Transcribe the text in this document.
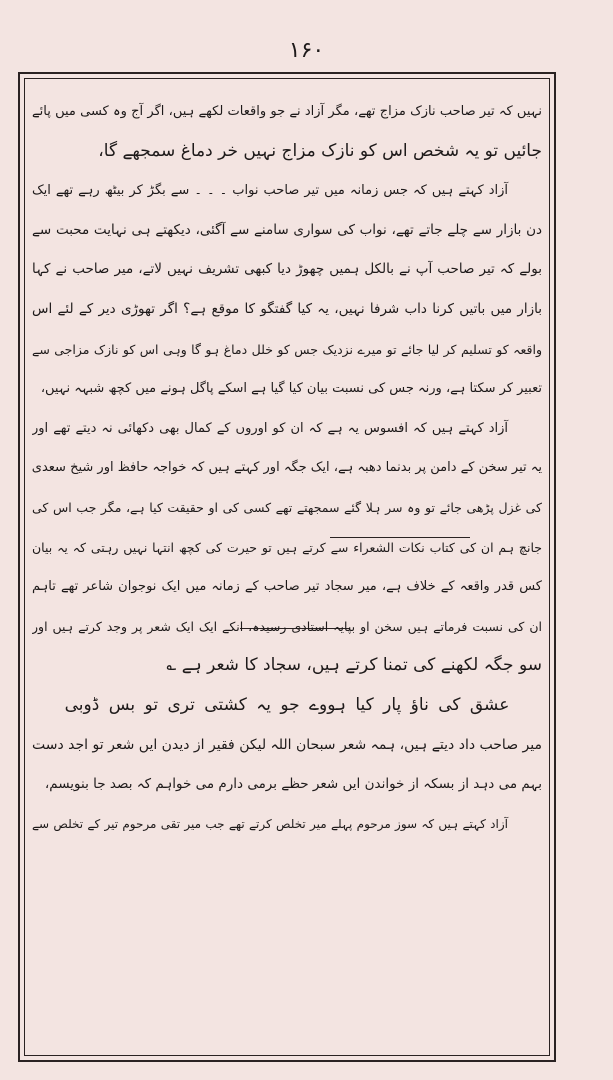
۱۶۰
نہیں کہ تیر صاحب نازک مزاج تھے، مگر آزاد نے جو واقعات لکھے ہیں، اگر آج وہ کسی میں پائے
جائیں تو یہ شخص اس کو نازک مزاج نہیں خر دماغ سمجھے گا،
آزاد کہتے ہیں کہ جس زمانہ میں تیر صاحب نواب ۔ ۔ ۔ سے بگڑ کر بیٹھ رہے تھے ایک
دن بازار سے چلے جاتے تھے، نواب کی سواری سامنے سے آگئی، دیکھتے ہی نہایت محبت سے
بولے کہ تیر صاحب آپ نے بالکل ہمیں چھوڑ دیا کبھی تشریف نہیں لاتے، میر صاحب نے کہا
بازار میں باتیں کرنا داب شرفا نہیں، یہ کیا گفتگو کا موقع ہے؟ اگر تھوڑی دیر کے لئے اس
واقعہ کو تسلیم کر لیا جائے تو میرے نزدیک جس کو خلل دماغ ہو گا وہی اس کو نازک مزاجی سے
تعبیر کر سکتا ہے، ورنہ جس کی نسبت بیان کیا گیا ہے اسکے پاگل ہونے میں کچھ شبہہ نہیں،
آزاد کہتے ہیں کہ افسوس یہ ہے کہ ان کو اوروں کے کمال بھی دکھائی نہ دیتے تھے اور
یہ تیر سخن کے دامن پر بدنما دھبہ ہے، ایک جگہ اور کہتے ہیں کہ خواجہ حافظ اور شیخ سعدی
کی غزل پڑھی جائے تو وہ سر ہلا گئے سمجھتے تھے کسی کی او حقیقت کیا ہے، مگر جب اس کی
جانچ ہم ان کی کتاب نکات الشعراء سے کرتے ہیں تو حیرت کی کچھ انتہا نہیں رہتی کہ یہ بیان
کس قدر واقعہ کے خلاف ہے، میر سجاد تیر صاحب کے زمانہ میں ایک نوجوان شاعر تھے تاہم
ان کی نسبت فرماتے ہیں سخن او بپایہ استادی رسیدہ، انکے ایک ایک شعر پر وجد کرتے ہیں اور
سو جگہ لکھنے کی تمنا کرتے ہیں، سجاد کا شعر ہے ؎
عشق کی ناؤ پار کیا ہووے جو یہ کشتی تری تو بس ڈوبی
میر صاحب داد دیتے ہیں، ہمہ شعر سبحان اللہ لیکن فقیر از دیدن ایں شعر تو اجد دست
بہم می دہد از بسکہ از خواندن ایں شعر حظے برمی دارم می خواہم کہ بصد جا بنویسم،
آزاد کہتے ہیں کہ سوز مرحوم پہلے میر تخلص کرتے تھے جب میر تقی مرحوم تیر کے تخلص سے
